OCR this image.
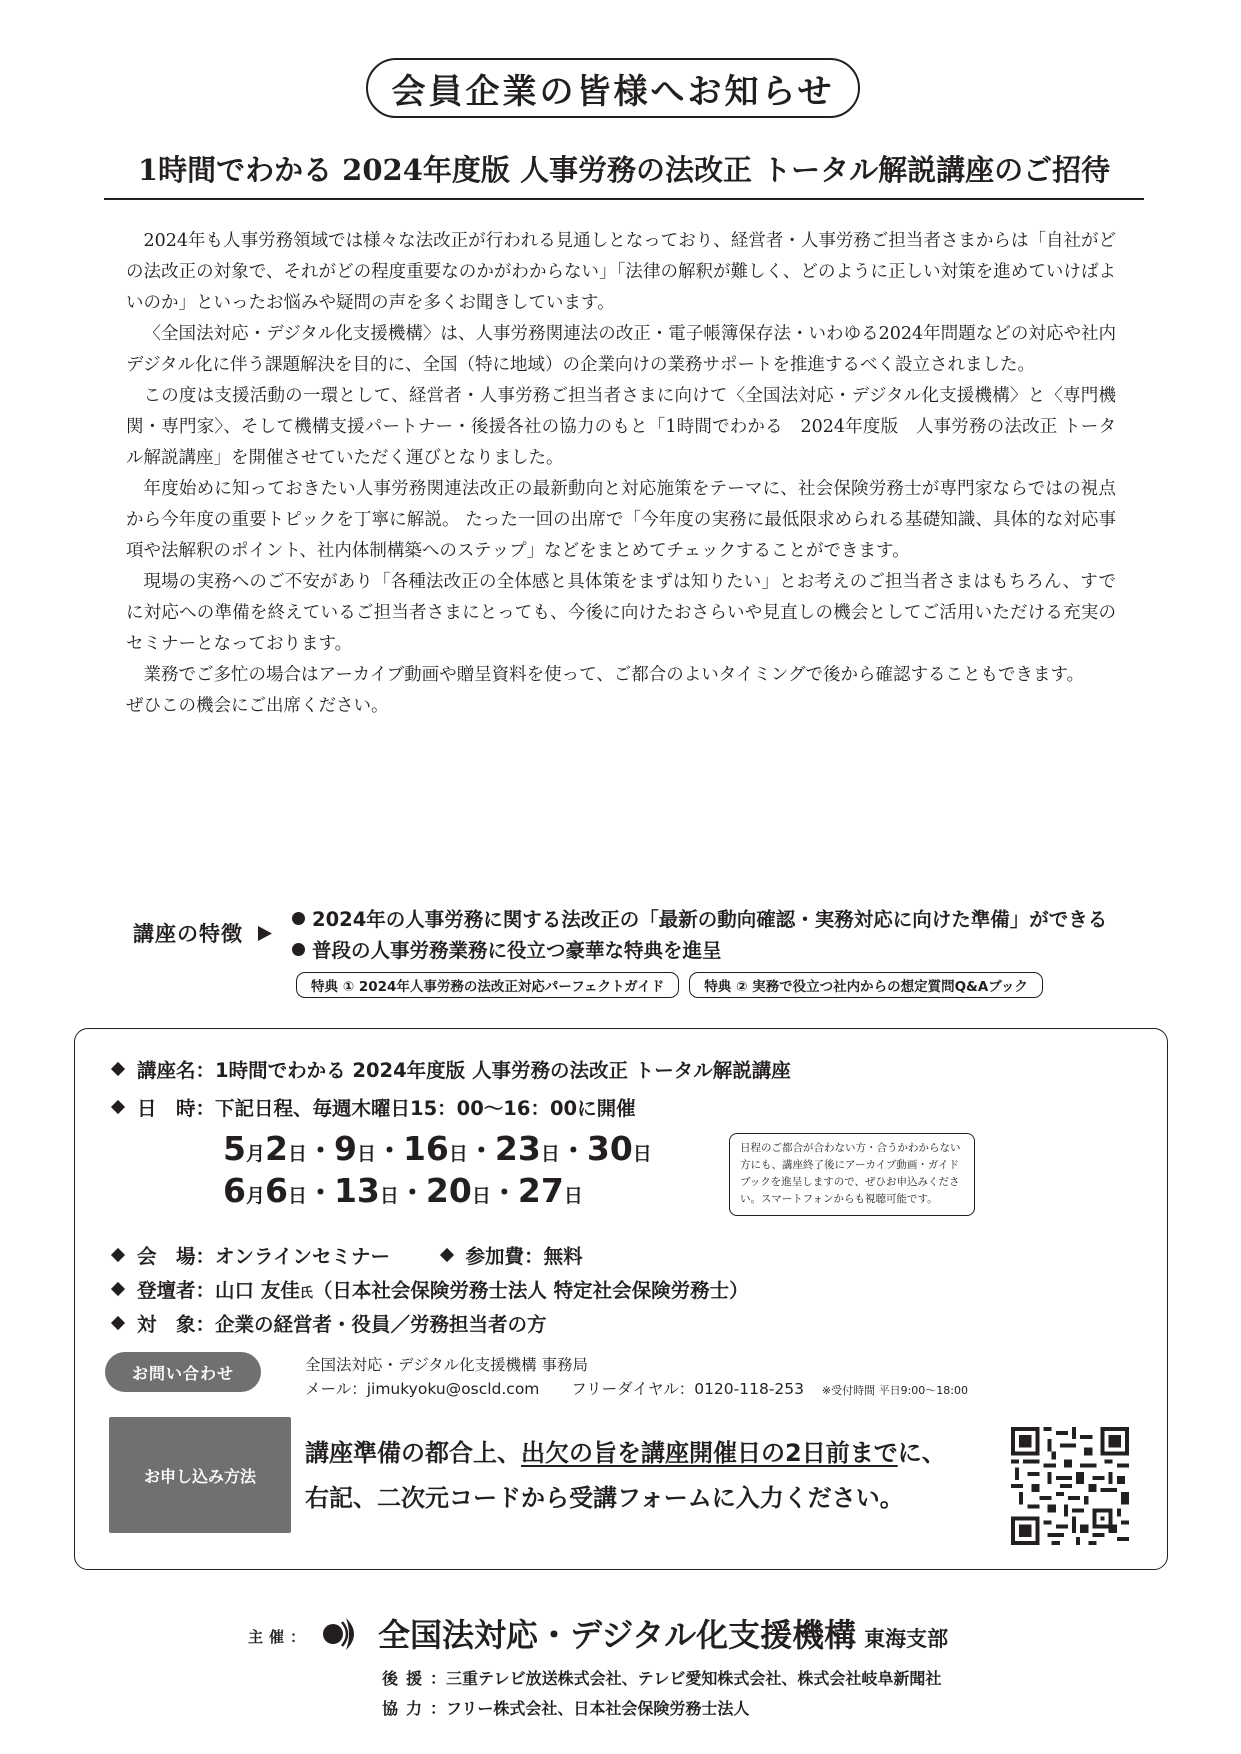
会員企業の皆様へお知らせ
1時間でわかる 2024年度版 人事労務の法改正 トータル解説講座のご招待

2024年も人事労務領域では様々な法改正が行われる見通しとなっており、経営者・人事労務ご担当者さまからは「自社がどの法改正の対象で、それがどの程度重要なのかがわからない」「法律の解釈が難しく、どのように正しい対策を進めていけばよいのか」といったお悩みや疑問の声を多くお聞きしています。

〈全国法対応・デジタル化支援機構〉は、人事労務関連法の改正・電子帳簿保存法・いわゆる2024年問題などの対応や社内デジタル化に伴う課題解決を目的に、全国（特に地域）の企業向けの業務サポートを推進するべく設立されました。

この度は支援活動の一環として、経営者・人事労務ご担当者さまに向けて〈全国法対応・デジタル化支援機構〉と〈専門機関・専門家〉、そして機構支援パートナー・後援各社の協力のもと「1時間でわかる　2024年度版　人事労務の法改正 トータル解説講座」を開催させていただく運びとなりました。

年度始めに知っておきたい人事労務関連法改正の最新動向と対応施策をテーマに、社会保険労務士が専門家ならではの視点から今年度の重要トピックを丁寧に解説。 たった一回の出席で「今年度の実務に最低限求められる基礎知識、具体的な対応事項や法解釈のポイント、社内体制構築へのステップ」などをまとめてチェックすることができます。

現場の実務へのご不安があり「各種法改正の全体感と具体策をまずは知りたい」とお考えのご担当者さまはもちろん、すでに対応への準備を終えているご担当者さまにとっても、今後に向けたおさらいや見直しの機会としてご活用いただける充実のセミナーとなっております。

業務でご多忙の場合はアーカイブ動画や贈呈資料を使って、ご都合のよいタイミングで後から確認することもできます。

ぜひこの機会にご出席ください。

講座の特徴
2024年の人事労務に関する法改正の「最新の動向確認・実務対応に向けた準備」ができる
普段の人事労務業務に役立つ豪華な特典を進呈
特典 ① 2024年人事労務の法改正対応パーフェクトガイド	特典 ② 実務で役立つ社内からの想定質問Q&Aブック
講座名：1時間でわかる 2024年度版 人事労務の法改正 トータル解説講座
日　時：下記日程、毎週木曜日15：00～16：00に開催
5月2日・9日・16日・23日・30日
6月6日・13日・20日・27日
日程のご都合が合わない方・合うかわからない方にも、講座終了後にアーカイブ動画・ガイドブックを進呈しますので、ぜひお申込みください。スマートフォンからも視聴可能です。
会　場：オンラインセミナー	参加費：無料
登壇者：山口 友佳氏（日本社会保険労務士法人 特定社会保険労務士）
対　象：企業の経営者・役員／労務担当者の方
お問い合わせ	全国法対応・デジタル化支援機構 事務局
メール：jimukyoku@oscld.com フリーダイヤル：0120-118-253 ※受付時間 平日9:00～18:00
お申し込み方法
講座準備の都合上、出欠の旨を講座開催日の2日前までに、
右記、二次元コードから受講フォームに入力ください。
主催： 全国法対応・デジタル化支援機構 東海支部
後援：三重テレビ放送株式会社、テレビ愛知株式会社、株式会社岐阜新聞社
協力：フリー株式会社、日本社会保険労務士法人
